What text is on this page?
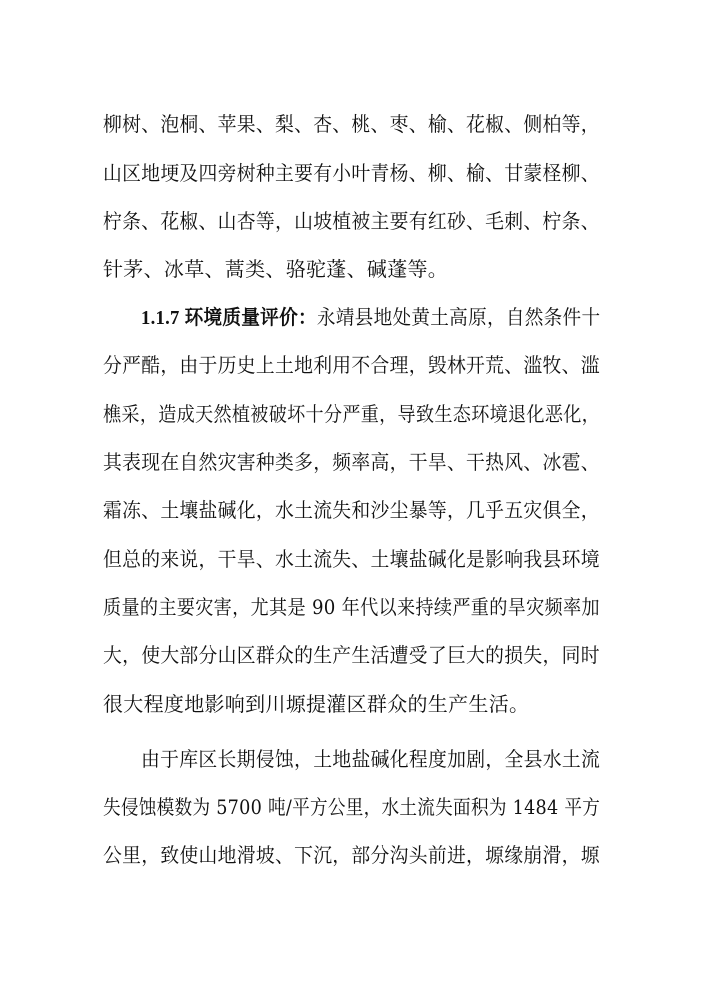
柳树、泡桐、苹果、梨、杏、桃、枣、榆、花椒、侧柏等，
山区地埂及四旁树种主要有小叶青杨、柳、榆、甘蒙柽柳、
柠条、花椒、山杏等，山坡植被主要有红砂、毛刺、柠条、
针茅、冰草、蒿类、骆驼蓬、碱蓬等。
1.1.7 环境质量评价：永靖县地处黄土高原，自然条件十
分严酷，由于历史上土地利用不合理，毁林开荒、滥牧、滥
樵采，造成天然植被破坏十分严重，导致生态环境退化恶化，
其表现在自然灾害种类多，频率高，干旱、干热风、冰雹、
霜冻、土壤盐碱化，水土流失和沙尘暴等，几乎五灾俱全，
但总的来说，干旱、水土流失、土壤盐碱化是影响我县环境
质量的主要灾害，尤其是 90 年代以来持续严重的旱灾频率加
大，使大部分山区群众的生产生活遭受了巨大的损失，同时
很大程度地影响到川塬提灌区群众的生产生活。
由于库区长期侵蚀，土地盐碱化程度加剧，全县水土流
失侵蚀模数为 5700 吨/平方公里，水土流失面积为 1484 平方
公里，致使山地滑坡、下沉，部分沟头前进，塬缘崩滑，塬
